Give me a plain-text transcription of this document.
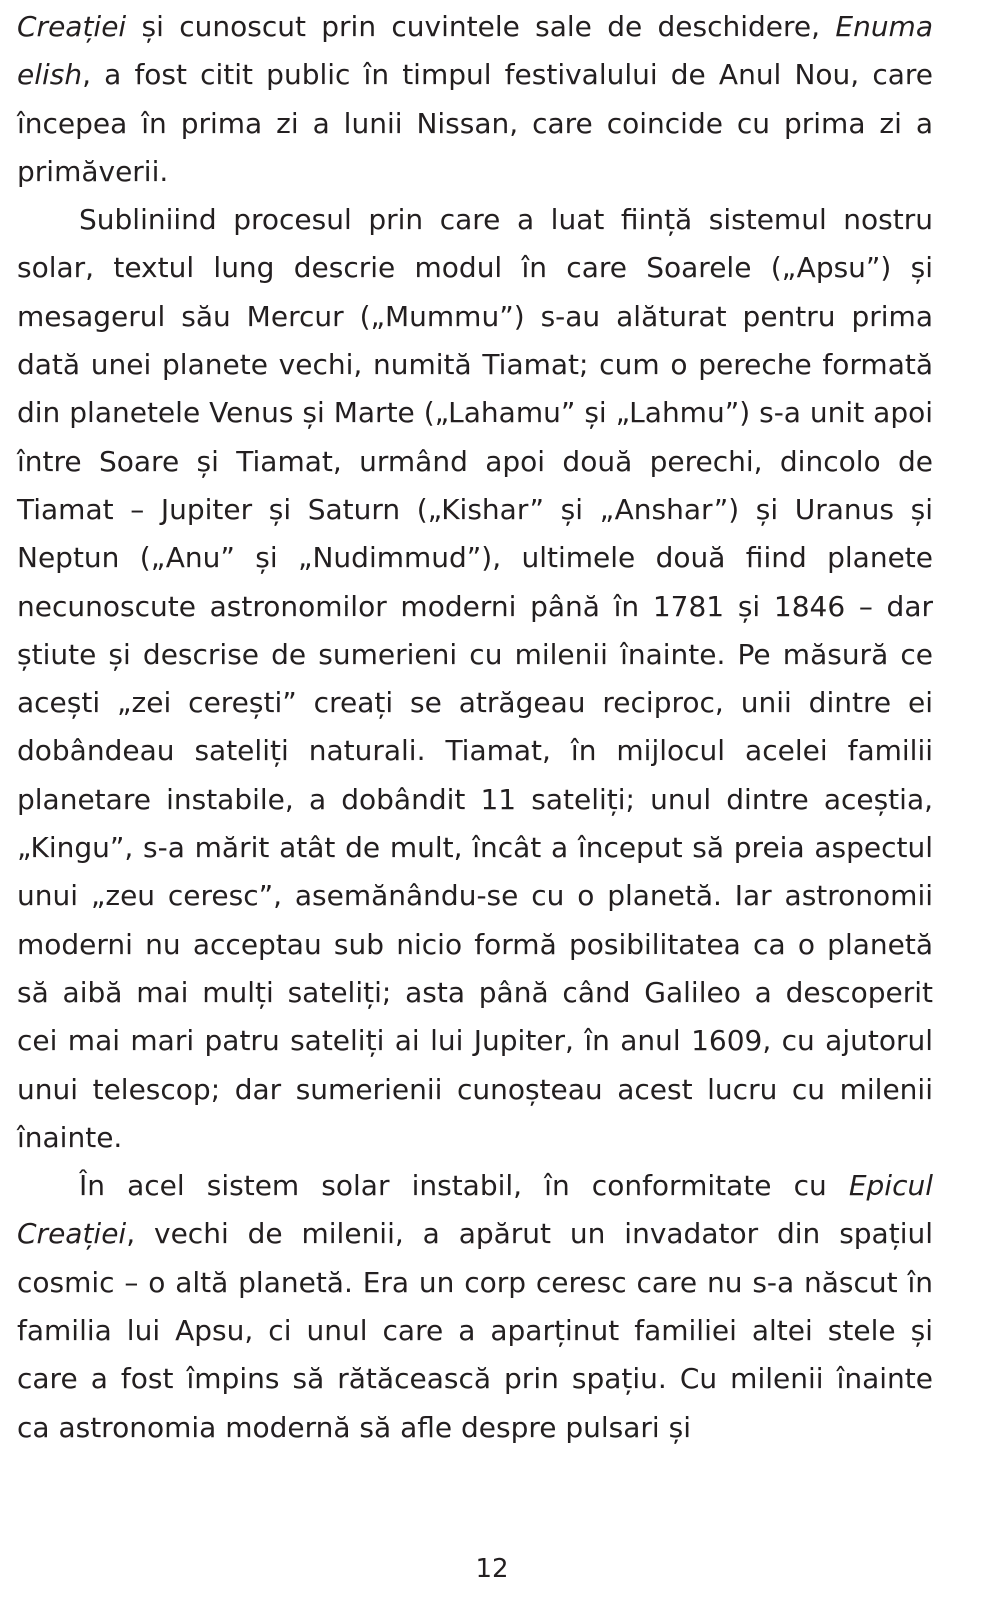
Creației și cunoscut prin cuvintele sale de deschidere, Enuma elish, a fost citit public în timpul festivalului de Anul Nou, care începea în prima zi a lunii Nissan, care coincide cu prima zi a primăverii.

Subliniind procesul prin care a luat ființă sistemul nostru solar, textul lung descrie modul în care Soarele („Apsu”) și mesagerul său Mercur („Mummu”) s-au alăturat pentru prima dată unei planete vechi, numită Tiamat; cum o pereche formată din planetele Venus și Marte („Lahamu” și „Lahmu”) s-a unit apoi între Soare și Tiamat, urmând apoi două perechi, dincolo de Tiamat – Jupiter și Saturn („Kishar” și „Anshar”) și Uranus și Neptun („Anu” și „Nudimmud”), ultimele două fiind planete necunoscute astronomilor moderni până în 1781 și 1846 – dar știute și descrise de sumerieni cu milenii înainte. Pe măsură ce acești „zei cerești” creați se atrăgeau reciproc, unii dintre ei dobândeau sateliți naturali. Tiamat, în mijlocul acelei familii planetare instabile, a dobândit 11 sateliți; unul dintre aceștia, „Kingu”, s-a mărit atât de mult, încât a început să preia aspectul unui „zeu ceresc”, asemănându-se cu o planetă. Iar astronomii moderni nu acceptau sub nicio formă posibilitatea ca o planetă să aibă mai mulți sateliți; asta până când Galileo a descoperit cei mai mari patru sateliți ai lui Jupiter, în anul 1609, cu ajutorul unui telescop; dar sumerienii cunoșteau acest lucru cu milenii înainte.

În acel sistem solar instabil, în conformitate cu Epicul Creației, vechi de milenii, a apărut un invadator din spațiul cosmic – o altă planetă. Era un corp ceresc care nu s-a născut în familia lui Apsu, ci unul care a aparținut familiei altei stele și care a fost împins să rătăcească prin spațiu. Cu milenii înainte ca astronomia modernă să afle despre pulsari și

12
